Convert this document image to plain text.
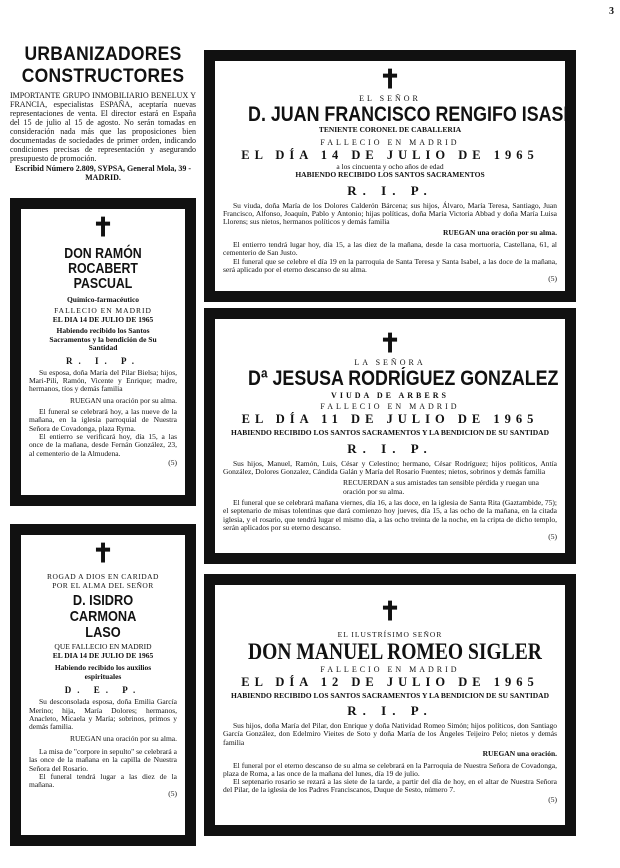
3
URBANIZADORES
CONSTRUCTORES

IMPORTANTE GRUPO INMOBILIARIO BENELUX Y FRANCIA, especialistas ESPAÑA, aceptaría nuevas representaciones de venta. El director estará en España del 15 de julio al 15 de agosto. No serán tomadas en consideración nada más que las proposiciones bien documentadas de sociedades de primer orden, indicando condiciones precisas de representación y asegurando presupuesto de promoción.

Escribid Número 2.809, SYPSA, General Mola, 39 - MADRID.

✝
DON RAMÓN ROCABERT
PASCUAL
Químico-farmacéutico
FALLECIO EN MADRID
EL DIA 14 DE JULIO DE 1965
Habiendo recibido los Santos Sacramentos y la bendición de Su Santidad
R. I. P.
Su esposa, doña María del Pilar Bielsa; hijos, Mari-Pili, Ramón, Vicente y Enrique; madre, hermanos, tíos y demás familia
RUEGAN una oración por su alma.
El funeral se celebrará hoy, a las nueve de la mañana, en la iglesia parroquial de Nuestra Señora de Covadonga, plaza Ryma.
El entierro se verificará hoy, día 15, a las once de la mañana, desde Fernán González, 23, al cementerio de la Almudena.
(5)
✝
ROGAD A DIOS EN CARIDAD
POR EL ALMA DEL SEÑOR
D. ISIDRO CARMONA
LASO
QUE FALLECIO EN MADRID
EL DIA 14 DE JULIO DE 1965
Habiendo recibido los auxilios espirituales
D. E. P.
Su desconsolada esposa, doña Emilia García Merino; hija, María Dolores; hermanos, Anacleto, Micaela y María; sobrinos, primos y demás familia.
RUEGAN una oración por su alma.
La misa de "corpore in sepulto" se celebrará a las once de la mañana en la capilla de Nuestra Señora del Rosario.
El funeral tendrá lugar a las diez de la mañana.
(5)
✝
EL SEÑOR
D. JUAN FRANCISCO RENGIFO ISASI
TENIENTE CORONEL DE CABALLERIA
FALLECIO EN MADRID
EL DÍA 14 DE JULIO DE 1965
a los cincuenta y ocho años de edad
HABIENDO RECIBIDO LOS SANTOS SACRAMENTOS
R. I. P.
Su viuda, doña María de los Dolores Calderón Bárcena; sus hijos, Álvaro, María Teresa, Santiago, Juan Francisco, Alfonso, Joaquín, Pablo y Antonio; hijas políticas, doña María Victoria Abbad y doña María Luisa Llorens; sus nietos, hermanos políticos y demás familia
RUEGAN una oración por su alma.
El entierro tendrá lugar hoy, día 15, a las diez de la mañana, desde la casa mortuoria, Castellana, 61, al cementerio de San Justo.
El funeral que se celebre el día 19 en la parroquia de Santa Teresa y Santa Isabel, a las doce de la mañana, será aplicado por el eterno descanso de su alma.
(5)
✝
LA SEÑORA
Dª JESUSA RODRÍGUEZ GONZALEZ
VIUDA DE ARBERS
FALLECIO EN MADRID
EL DÍA 11 DE JULIO DE 1965
HABIENDO RECIBIDO LOS SANTOS SACRAMENTOS Y LA BENDICION DE SU SANTIDAD
R. I. P.
Sus hijos, Manuel, Ramón, Luis, César y Celestino; hermano, César Rodríguez; hijos políticos, Antía González, Dolores Gonzalez, Cándida Galán y María del Rosario Fuentes; nietos, sobrinos y demás familia
RECUERDAN a sus amistades tan sensible pérdida y ruegan una oración por su alma.
El funeral que se celebrará mañana viernes, día 16, a las doce, en la iglesia de Santa Rita (Gaztambide, 75); el septenario de misas tolentinas que dará comienzo hoy jueves, día 15, a las ocho de la mañana, en la citada iglesia, y el rosario, que tendrá lugar el mismo día, a las ocho treinta de la noche, en la cripta de dicho templo, serán aplicados por su eterno descanso.
(5)
✝
EL ILUSTRÍSIMO SEÑOR
DON MANUEL ROMEO SIGLER
FALLECIO EN MADRID
EL DÍA 12 DE JULIO DE 1965
HABIENDO RECIBIDO LOS SANTOS SACRAMENTOS Y LA BENDICION DE SU SANTIDAD
R. I. P.
Sus hijos, doña María del Pilar, don Enrique y doña Natividad Romeo Simón; hijos políticos, don Santiago García González, don Edelmiro Vieites de Soto y doña María de los Ángeles Teijeiro Pelo; nietos y demás familia
RUEGAN una oración.
El funeral por el eterno descanso de su alma se celebrará en la Parroquia de Nuestra Señora de Covadonga, plaza de Roma, a las once de la mañana del lunes, día 19 de julio.
El septenario rosario se rezará a las siete de la tarde, a partir del día de hoy, en el altar de Nuestra Señora del Pilar, de la iglesia de los Padres Franciscanos, Duque de Sesto, número 7.
(5)
